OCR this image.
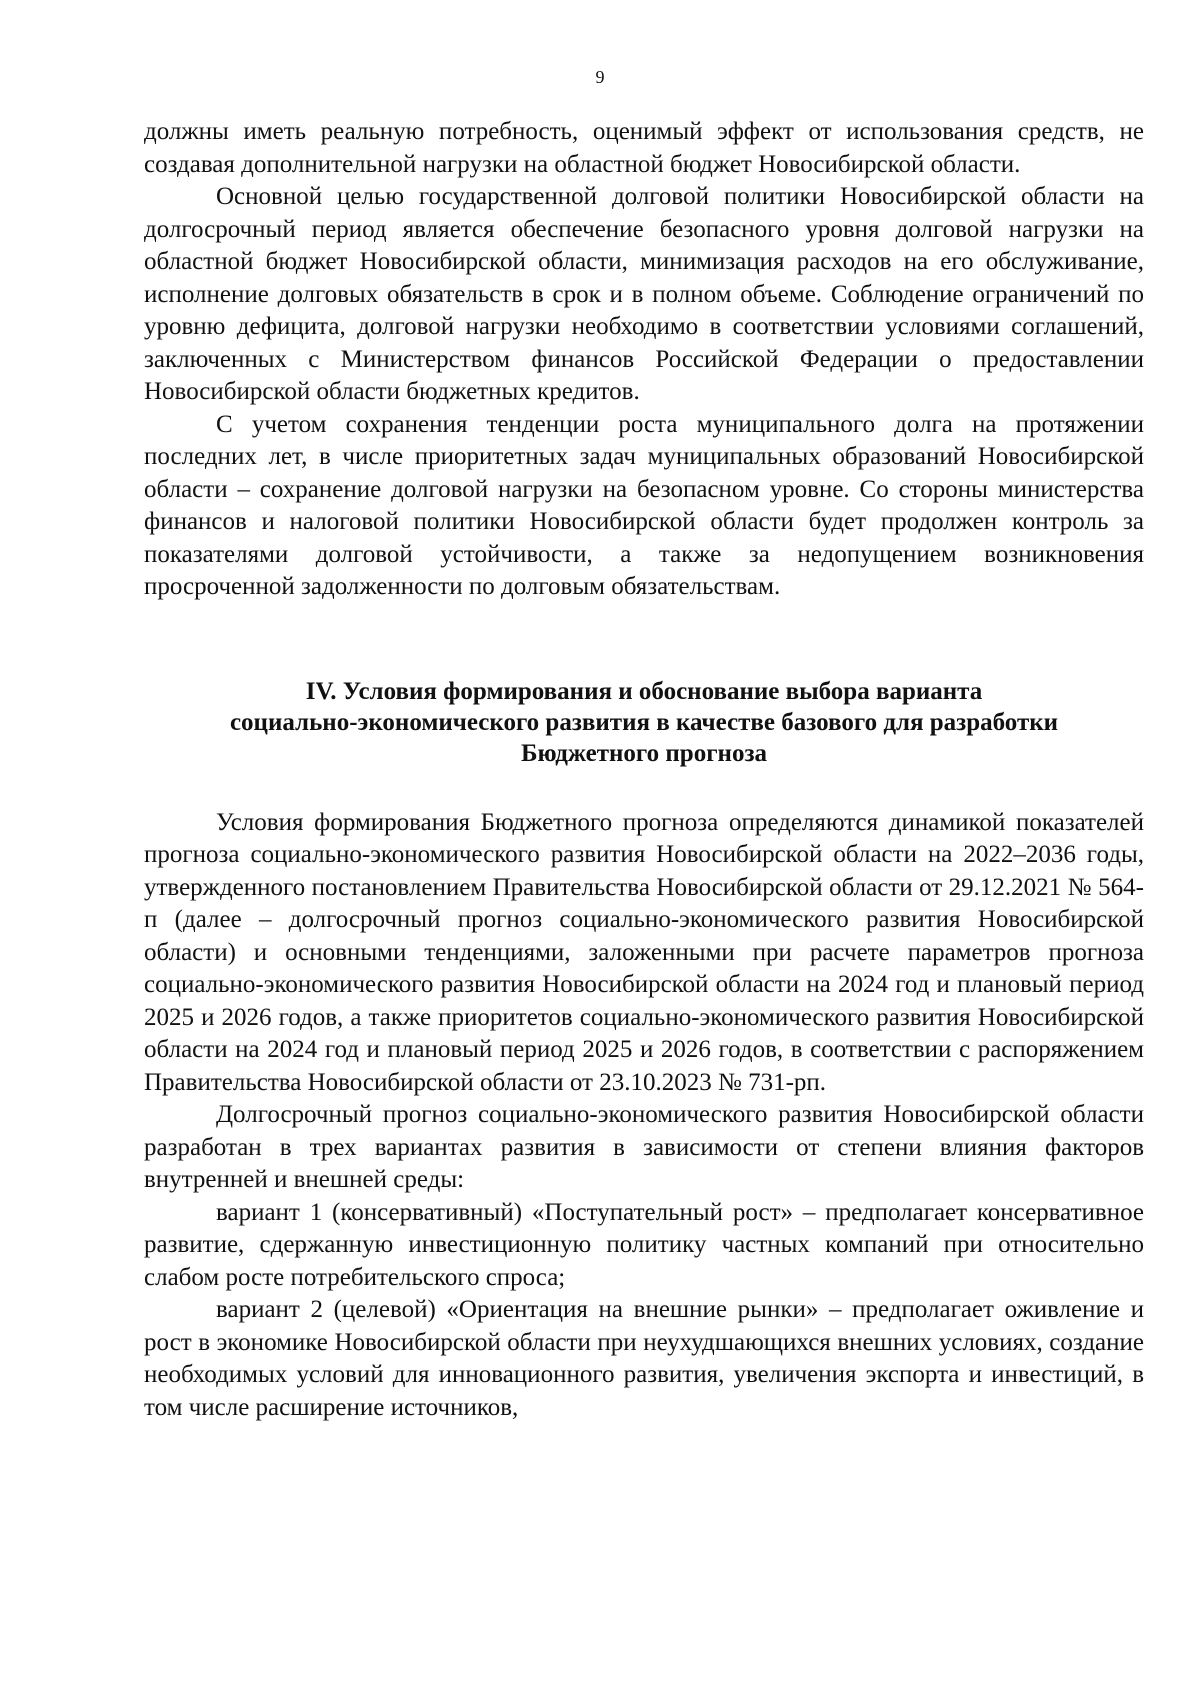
9

должны иметь реальную потребность, оценимый эффект от использования средств, не создавая дополнительной нагрузки на областной бюджет Новосибирской области.

Основной целью государственной долговой политики Новосибирской области на долгосрочный период является обеспечение безопасного уровня долговой нагрузки на областной бюджет Новосибирской области, минимизация расходов на его обслуживание, исполнение долговых обязательств в срок и в полном объеме. Соблюдение ограничений по уровню дефицита, долговой нагрузки необходимо в соответствии условиями соглашений, заключенных с Министерством финансов Российской Федерации о предоставлении Новосибирской области бюджетных кредитов.

С учетом сохранения тенденции роста муниципального долга на протяжении последних лет, в числе приоритетных задач муниципальных образований Новосибирской области – сохранение долговой нагрузки на безопасном уровне. Со стороны министерства финансов и налоговой политики Новосибирской области будет продолжен контроль за показателями долговой устойчивости, а также за недопущением возникновения просроченной задолженности по долговым обязательствам.

IV. Условия формирования и обоснование выбора варианта
социально-экономического развития в качестве базового для разработки
Бюджетного прогноза

Условия формирования Бюджетного прогноза определяются динамикой показателей прогноза социально-экономического развития Новосибирской области на 2022–2036 годы, утвержденного постановлением Правительства Новосибирской области от 29.12.2021 № 564-п (далее – долгосрочный прогноз социально-экономического развития Новосибирской области) и основными тенденциями, заложенными при расчете параметров прогноза социально-экономического развития Новосибирской области на 2024 год и плановый период 2025 и 2026 годов, а также приоритетов социально-экономического развития Новосибирской области на 2024 год и плановый период 2025 и 2026 годов, в соответствии с распоряжением Правительства Новосибирской области от 23.10.2023 № 731-рп.

Долгосрочный прогноз социально-экономического развития Новосибирской области разработан в трех вариантах развития в зависимости от степени влияния факторов внутренней и внешней среды:

вариант 1 (консервативный) «Поступательный рост» – предполагает консервативное развитие, сдержанную инвестиционную политику частных компаний при относительно слабом росте потребительского спроса;

вариант 2 (целевой) «Ориентация на внешние рынки» – предполагает оживление и рост в экономике Новосибирской области при неухудшающихся внешних условиях, создание необходимых условий для инновационного развития, увеличения экспорта и инвестиций, в том числе расширение источников,
